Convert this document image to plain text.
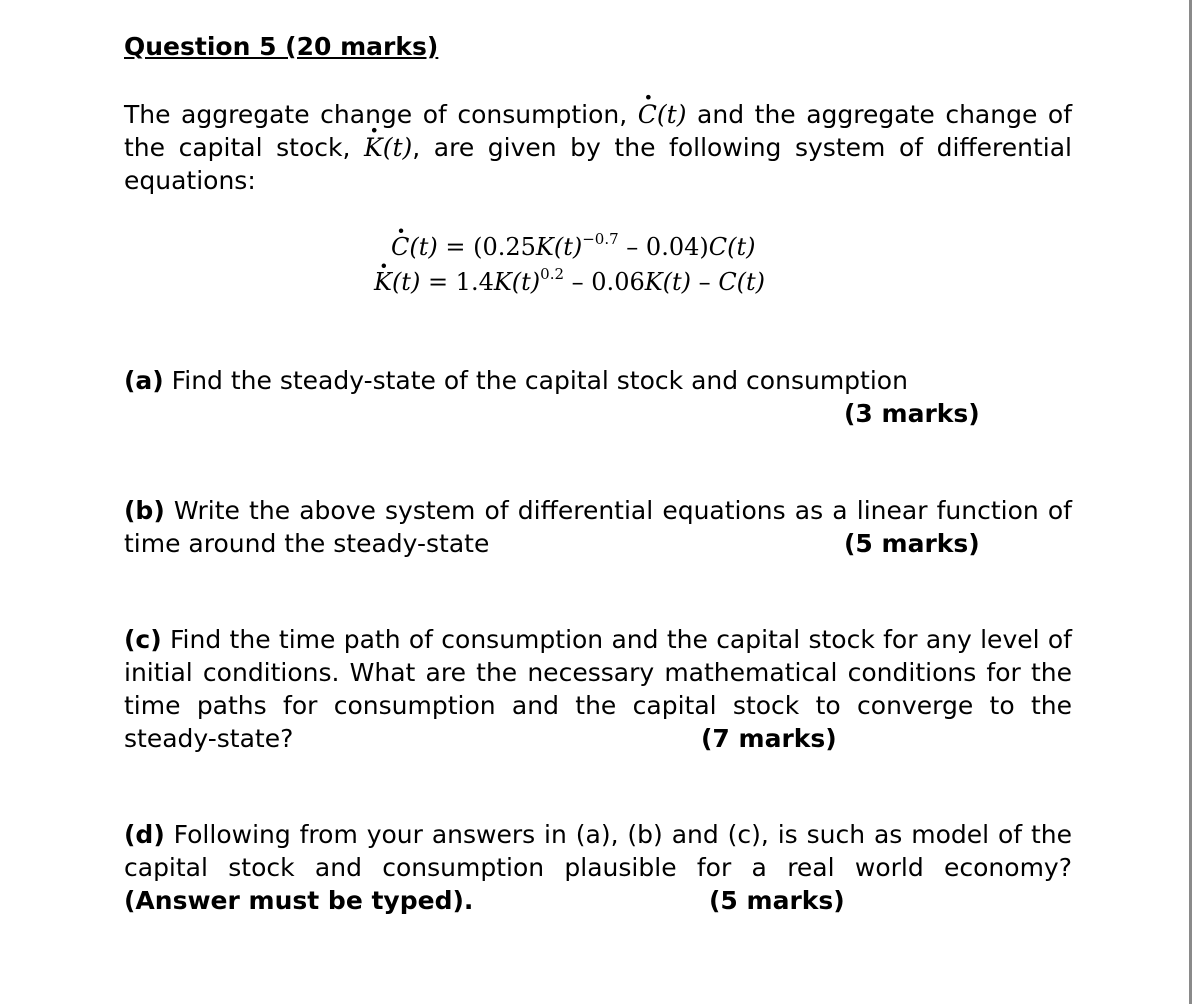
Question 5 (20 marks)
The aggregate change of consumption, C ·(t) and the aggregate change of the capital stock, K ·(t), are given by the following system of differential equations:
$C \cdot(t) = (0.25K(t)^{-0.7} - 0.04)C(t)$
$K \cdot(t) = 1.4K(t)^{0.2} - 0.06K(t) - C(t)$
(a) Find the steady-state of the capital stock and consumption
(3 marks)
(b) Write the above system of differential equations as a linear function of time around the steady-state	(5 marks)
(c) Find the time path of consumption and the capital stock for any level of initial conditions. What are the necessary mathematical conditions for the time paths for consumption and the capital stock to converge to the steady-state?	(7 marks)
(d) Following from your answers in (a), (b) and (c), is such as model of the capital stock and consumption plausible for a real world economy? (Answer must be typed).	(5 marks)
